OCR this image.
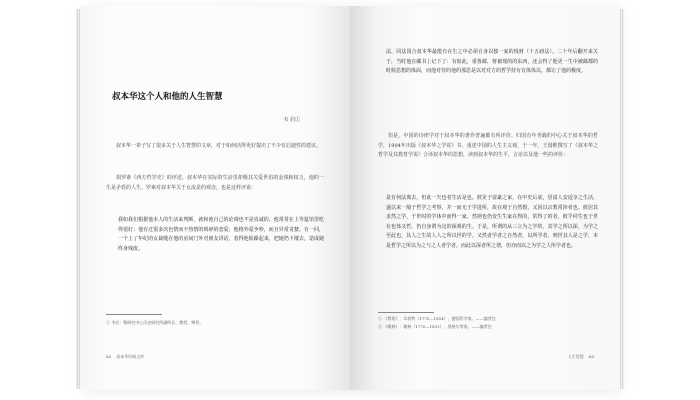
叔本华这个人和他的人生智慧
韦 启①

叔本华一辈子写了很多关于人生智慧的文章，对于如何活得更好提出了不少有启迪性的建议。

胡罗素《西方哲学史》的评述，叔本华在实际的生活里却极其关爱世俗的金钱和权力，他的一生是矛盾的人生。罗素对叔本华关于女流是的观念，也是这样评说：

我如我们根据他本人的生活来判断，就和他自己的论调也不是真诚的。他常常在上等筵馆里吃得很好；他有过很多次色情而不热情的琐碎的恋爱；他格外爱争吵，而且异常贪婪。有一回，一个上了年纪的女裁缝在他的房间门外对朋友讲话，惹得他烦躁起来，把她扔下楼去，造成她终身残废。

① 韦启：暨研究中心历史研究所副所长、教授、博导。
02 叔本华经典文库

法，同法国合叔本华最能有在生之中必须自身以独一家的钱财（十五磅法）。二十年后翻开来关于，当时他在藏书上记下了：有似此，重鲁邮，将被现的的东西，还会得了他更一生中被邮都的时候思想的体面，而他对待的他的那思是以对对方的哲学持有有体体以，都让了他的极度。

但是，中国的诗律学对于叔本华的著作普遍都有所评价。归国有年刊载的中心关于叔本华的哲学，1904年出版《叔本华之学说》书，重述中国的人生主义观，于一年，王国维撰写了《叔本华之哲学及其教育学说》合译叔本华的思想，读到叔本华的生平，言论以及他一些的评价：

是有何法离去，但此一矢也者生活是也。彼见于富豪之家，在中史后底，居富人安适享之生活，遂以来一般于哲学之考察，并一而无于学进所，故在观于自然想，又因以宗教常涉者也。彼居其求然之学，于世时的学体中而得一家。然则也仍变生生家在得的，常得了的者，彼乎同生也于世在也体又哲，仍自身谓为这的深观的生。于是，所谓的从三言为之学的，其学之所以深，为学之至此也，其人之生故人人之所以世的学。又然者学者之自然者，以所学者，则世其人是之学，本是哲学之所以为之与之人者学者，而此以深者所之谓，但亦而以之为学之人所学者也。

① 《费希》：耳希特（1775—1854），德国哲学家。——编者注
② 《谢林》：谢林（1770—1831），黑格尔等家。——编者注
人生智慧 03
